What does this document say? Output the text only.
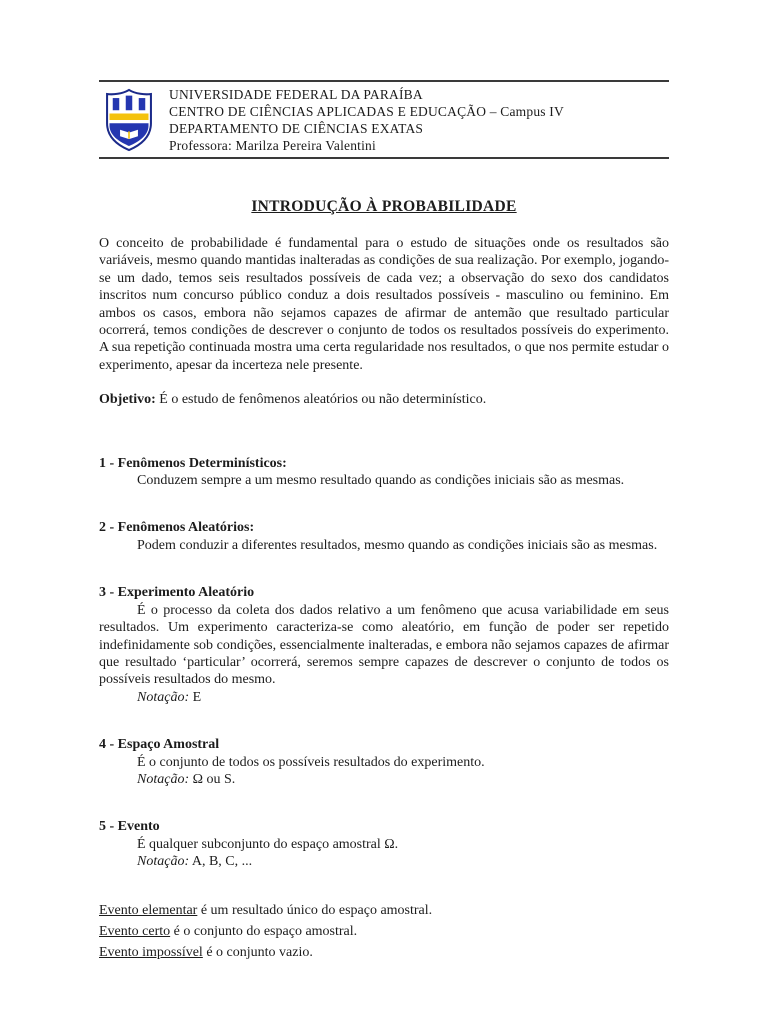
UNIVERSIDADE FEDERAL DA PARAÍBA
CENTRO DE CIÊNCIAS APLICADAS E EDUCAÇÃO – Campus IV
DEPARTAMENTO DE CIÊNCIAS EXATAS
Professora: Marilza Pereira Valentini
INTRODUÇÃO À PROBABILIDADE

O conceito de probabilidade é fundamental para o estudo de situações onde os resultados são variáveis, mesmo quando mantidas inalteradas as condições de sua realização. Por exemplo, jogando-se um dado, temos seis resultados possíveis de cada vez; a observação do sexo dos candidatos inscritos num concurso público conduz a dois resultados possíveis - masculino ou feminino. Em ambos os casos, embora não sejamos capazes de afirmar de antemão que resultado particular ocorrerá, temos condições de descrever o conjunto de todos os resultados possíveis do experimento. A sua repetição continuada mostra uma certa regularidade nos resultados, o que nos permite estudar o experimento, apesar da incerteza nele presente.

Objetivo: É o estudo de fenômenos aleatórios ou não determinístico.

1 - Fenômenos Determinísticos:

Conduzem sempre a um mesmo resultado quando as condições iniciais são as mesmas.

2 - Fenômenos Aleatórios:

Podem conduzir a diferentes resultados, mesmo quando as condições iniciais são as mesmas.

3 - Experimento Aleatório

É o processo da coleta dos dados relativo a um fenômeno que acusa variabilidade em seus resultados. Um experimento caracteriza-se como aleatório, em função de poder ser repetido indefinidamente sob condições, essencialmente inalteradas, e embora não sejamos capazes de afirmar que resultado ‘particular’ ocorrerá, seremos sempre capazes de descrever o conjunto de todos os possíveis resultados do mesmo.

Notação: E

4 - Espaço Amostral

É o conjunto de todos os possíveis resultados do experimento.

Notação: Ω ou S.

5 - Evento

É qualquer subconjunto do espaço amostral Ω.

Notação: A, B, C, ...

Evento elementar é um resultado único do espaço amostral.

Evento certo é o conjunto do espaço amostral.

Evento impossível é o conjunto vazio.
